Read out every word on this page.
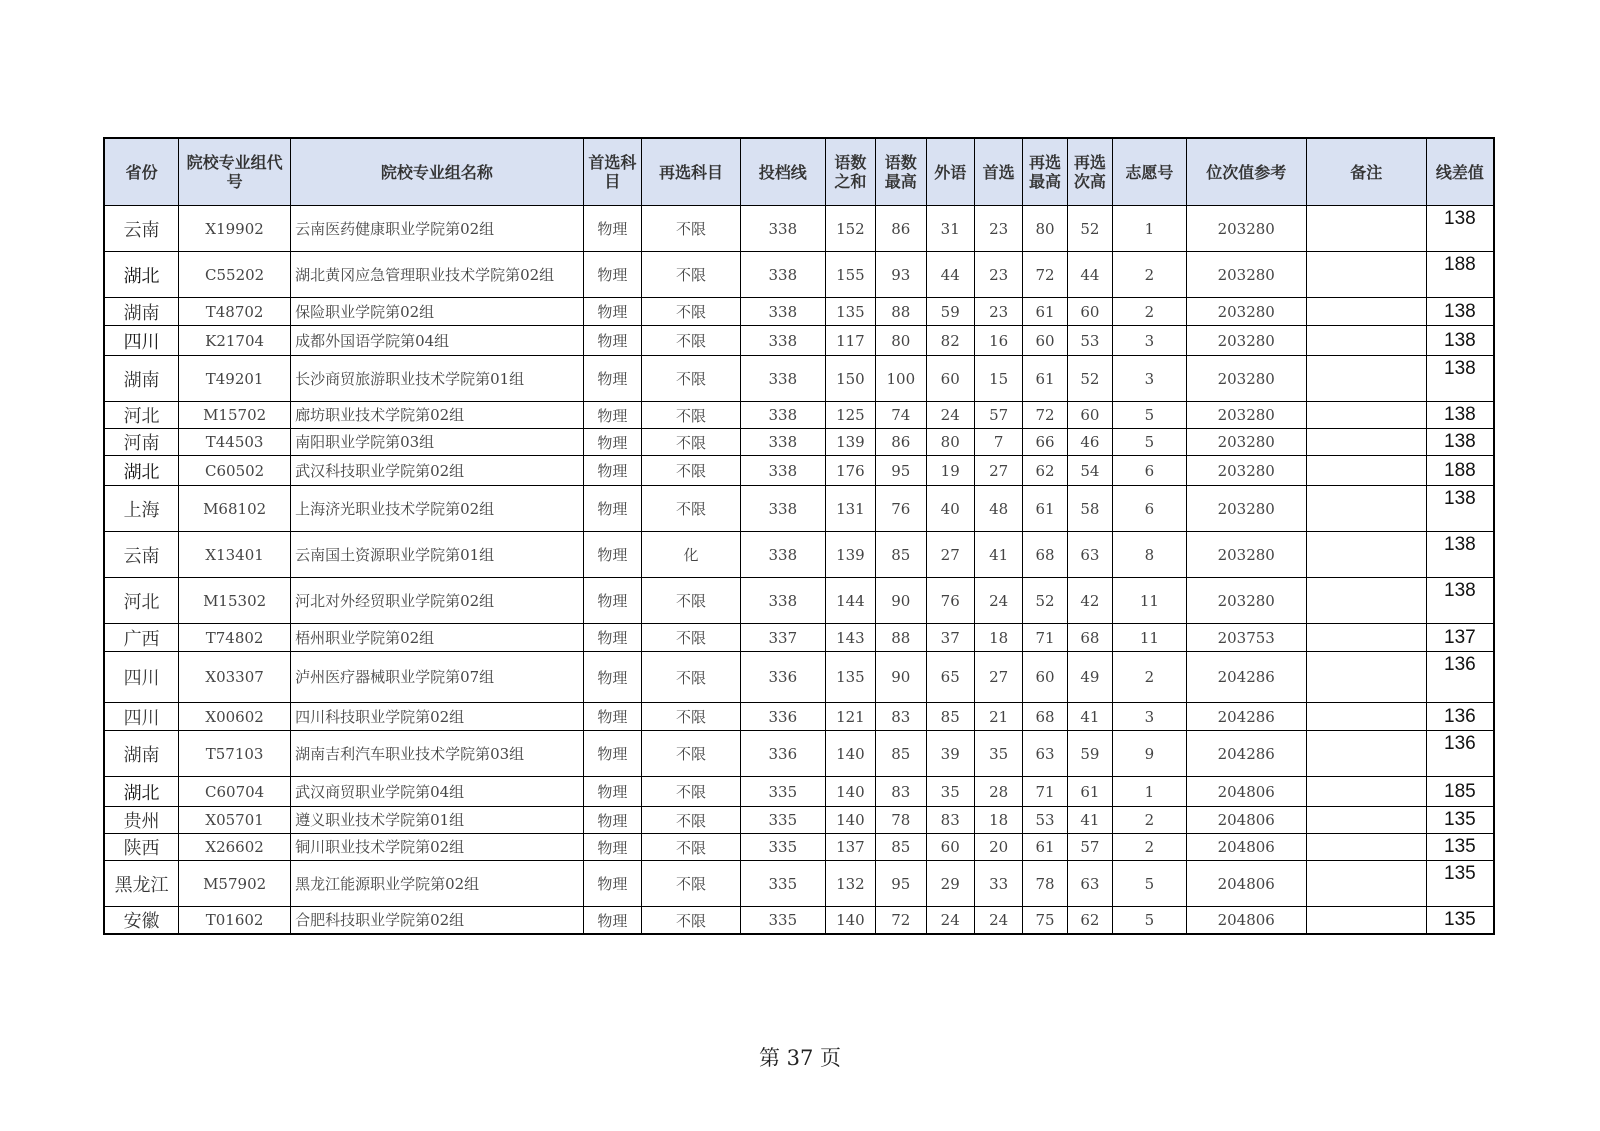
省份	院校专业组代号	院校专业组名称	首选科目	再选科目	投档线	语数之和	语数最高	外语	首选	再选最高	再选次高	志愿号	位次值参考	备注	线差值
云南	X19902	云南医药健康职业学院第02组	物理	不限	338	152	86	31	23	80	52	1	203280		138
湖北	C55202	湖北黄冈应急管理职业技术学院第02组	物理	不限	338	155	93	44	23	72	44	2	203280		188
湖南	T48702	保险职业学院第02组	物理	不限	338	135	88	59	23	61	60	2	203280		138
四川	K21704	成都外国语学院第04组	物理	不限	338	117	80	82	16	60	53	3	203280		138
湖南	T49201	长沙商贸旅游职业技术学院第01组	物理	不限	338	150	100	60	15	61	52	3	203280		138
河北	M15702	廊坊职业技术学院第02组	物理	不限	338	125	74	24	57	72	60	5	203280		138
河南	T44503	南阳职业学院第03组	物理	不限	338	139	86	80	7	66	46	5	203280		138
湖北	C60502	武汉科技职业学院第02组	物理	不限	338	176	95	19	27	62	54	6	203280		188
上海	M68102	上海济光职业技术学院第02组	物理	不限	338	131	76	40	48	61	58	6	203280		138
云南	X13401	云南国土资源职业学院第01组	物理	化	338	139	85	27	41	68	63	8	203280		138
河北	M15302	河北对外经贸职业学院第02组	物理	不限	338	144	90	76	24	52	42	11	203280		138
广西	T74802	梧州职业学院第02组	物理	不限	337	143	88	37	18	71	68	11	203753		137
四川	X03307	泸州医疗器械职业学院第07组	物理	不限	336	135	90	65	27	60	49	2	204286		136
四川	X00602	四川科技职业学院第02组	物理	不限	336	121	83	85	21	68	41	3	204286		136
湖南	T57103	湖南吉利汽车职业技术学院第03组	物理	不限	336	140	85	39	35	63	59	9	204286		136
湖北	C60704	武汉商贸职业学院第04组	物理	不限	335	140	83	35	28	71	61	1	204806		185
贵州	X05701	遵义职业技术学院第01组	物理	不限	335	140	78	83	18	53	41	2	204806		135
陕西	X26602	铜川职业技术学院第02组	物理	不限	335	137	85	60	20	61	57	2	204806		135
黑龙江	M57902	黑龙江能源职业学院第02组	物理	不限	335	132	95	29	33	78	63	5	204806		135
安徽	T01602	合肥科技职业学院第02组	物理	不限	335	140	72	24	24	75	62	5	204806		135
第 37 页
